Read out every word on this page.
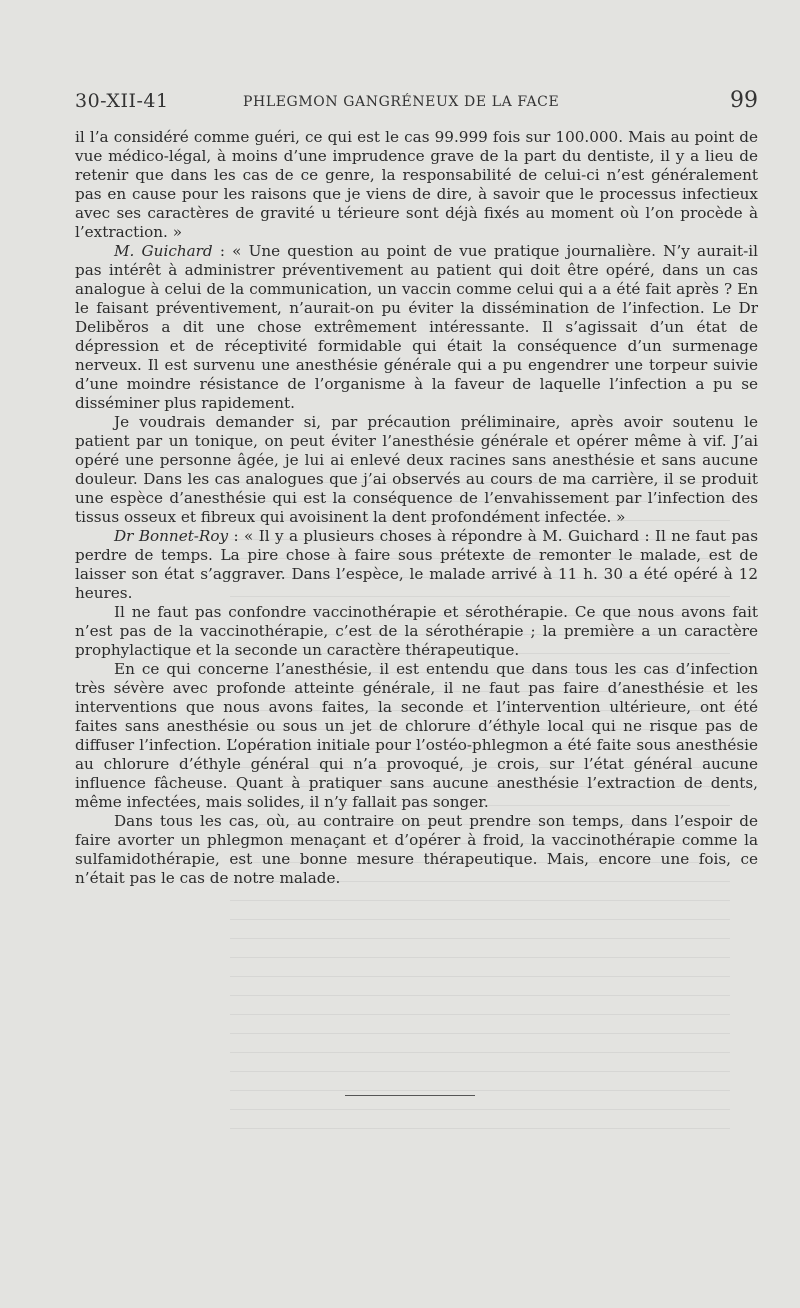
30-XII-41	PHLEGMON GANGRÉNEUX DE LA FACE	99

il l’a considéré comme guéri, ce qui est le cas 99.999 fois sur 100.000. Mais au point de vue médico-légal, à moins d’une imprudence grave de la part du dentiste, il y a lieu de retenir que dans les cas de ce genre, la responsabilité de celui-ci n’est généralement pas en cause pour les raisons que je viens de dire, à savoir que le processus infectieux avec ses caractères de gravité u térieure sont déjà fixés au moment où l’on procède à l’extraction. »

M. Guichard : « Une question au point de vue pratique journalière. N’y aurait-il pas intérêt à administrer préventivement au patient qui doit être opéré, dans un cas analogue à celui de la communication, un vaccin comme celui qui a a été fait après ? En le faisant préventivement, n’aurait-on pu éviter la dissémination de l’infection. Le Dr Deliběros a dit une chose extrêmement intéressante. Il s’agissait d’un état de dépression et de réceptivité formidable qui était la conséquence d’un surmenage nerveux. Il est survenu une anesthésie générale qui a pu engendrer une torpeur suivie d’une moindre résistance de l’organisme à la faveur de laquelle l’infection a pu se disséminer plus rapidement.

Je voudrais demander si, par précaution préliminaire, après avoir soutenu le patient par un tonique, on peut éviter l’anesthésie générale et opérer même à vif. J’ai opéré une personne âgée, je lui ai enlevé deux racines sans anesthésie et sans aucune douleur. Dans les cas analogues que j’ai observés au cours de ma carrière, il se produit une espèce d’anesthésie qui est la conséquence de l’envahissement par l’infection des tissus osseux et fibreux qui avoisinent la dent profondément infectée. »

Dr Bonnet-Roy : « Il y a plusieurs choses à répondre à M. Guichard : Il ne faut pas perdre de temps. La pire chose à faire sous prétexte de remonter le malade, est de laisser son état s’aggraver. Dans l’espèce, le malade arrivé à 11 h. 30 a été opéré à 12 heures.

Il ne faut pas confondre vaccinothérapie et sérothérapie. Ce que nous avons fait n’est pas de la vaccinothérapie, c’est de la sérothérapie ; la première a un caractère prophylactique et la seconde un caractère thérapeutique.

En ce qui concerne l’anesthésie, il est entendu que dans tous les cas d’infection très sévère avec profonde atteinte générale, il ne faut pas faire d’anesthésie et les interventions que nous avons faites, la seconde et l’intervention ultérieure, ont été faites sans anesthésie ou sous un jet de chlorure d’éthyle local qui ne risque pas de diffuser l’infection. L’opération initiale pour l’ostéo-phlegmon a été faite sous anesthésie au chlorure d’éthyle général qui n’a provoqué, je crois, sur l’état général aucune influence fâcheuse. Quant à pratiquer sans aucune anesthésie l’extraction de dents, même infectées, mais solides, il n’y fallait pas songer.

Dans tous les cas, où, au contraire on peut prendre son temps, dans l’espoir de faire avorter un phlegmon menaçant et d’opérer à froid, la vaccinothérapie comme la sulfamidothérapie, est une bonne mesure thérapeutique. Mais, encore une fois, ce n’était pas le cas de notre malade.
